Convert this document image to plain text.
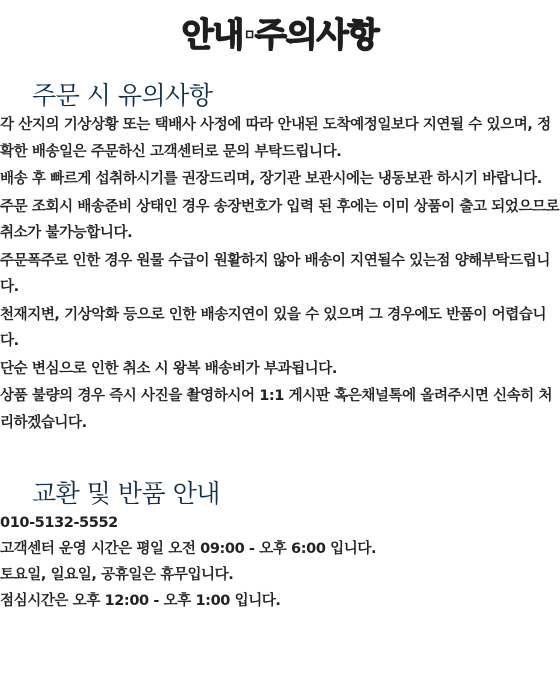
안내·주의사항
주문 시 유의사항
각 산지의 기상상황 또는 택배사 사정에 따라 안내된 도착예정일보다 지연될 수 있으며, 정확한 배송일은 주문하신 고객센터로 문의 부탁드립니다.
배송 후 빠르게 섭취하시기를 권장드리며, 장기관 보관시에는 냉동보관 하시기 바랍니다.
주문 조회시 배송준비 상태인 경우 송장번호가 입력 된 후에는 이미 상품이 출고 되었으므로 취소가 불가능합니다.
주문폭주로 인한 경우 원물 수급이 원활하지 않아 배송이 지연될수 있는점 양해부탁드립니다.
천재지변, 기상악화 등으로 인한 배송지연이 있을 수 있으며 그 경우에도 반품이 어렵습니다.
단순 변심으로 인한 취소 시 왕복 배송비가 부과됩니다.
상품 불량의 경우 즉시 사진을 촬영하시어 1:1 게시판 혹은채널톡에 올려주시면 신속히 처리하겠습니다.
교환 및 반품 안내
010-5132-5552
고객센터 운영 시간은 평일 오전 09:00 - 오후 6:00 입니다.
토요일, 일요일, 공휴일은 휴무입니다.
점심시간은 오후 12:00 - 오후 1:00 입니다.
